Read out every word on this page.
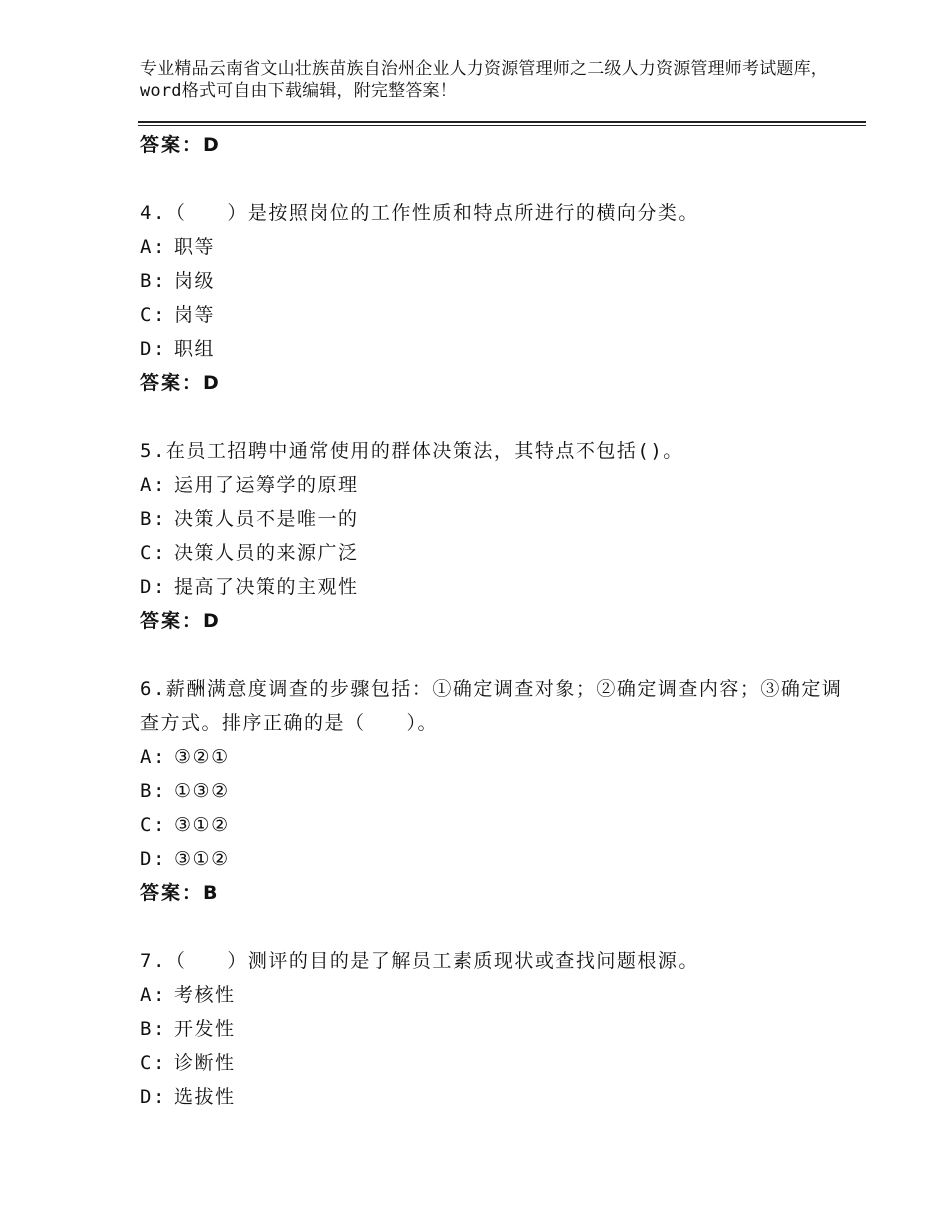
专业精品云南省文山壮族苗族自治州企业人力资源管理师之二级人力资源管理师考试题库，word格式可自由下载编辑，附完整答案！
答案：D
4.（　　）是按照岗位的工作性质和特点所进行的横向分类。
A: 职等
B: 岗级
C: 岗等
D: 职组
答案：D
5.在员工招聘中通常使用的群体决策法，其特点不包括()。
A: 运用了运筹学的原理
B: 决策人员不是唯一的
C: 决策人员的来源广泛
D: 提高了决策的主观性
答案：D
6.薪酬满意度调查的步骤包括：①确定调查对象；②确定调查内容；③确定调查方式。排序正确的是（　　）。
A: ③②①
B: ①③②
C: ③①②
D: ③①②
答案：B
7.（　　）测评的目的是了解员工素质现状或查找问题根源。
A: 考核性
B: 开发性
C: 诊断性
D: 选拔性
